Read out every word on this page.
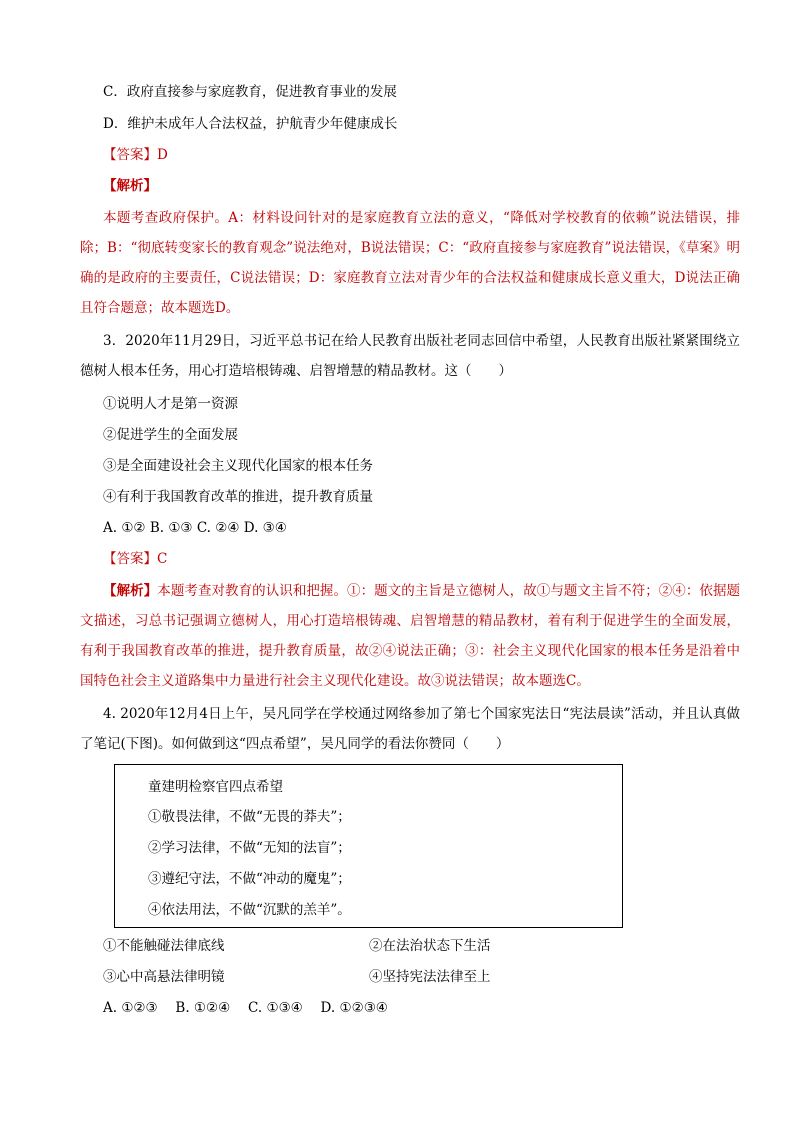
C．政府直接参与家庭教育，促进教育事业的发展
D．维护未成年人合法权益，护航青少年健康成长
【答案】D
【解析】
本题考查政府保护。A：材料设问针对的是家庭教育立法的意义，“降低对学校教育的依赖”说法错误，排除；B：“彻底转变家长的教育观念”说法绝对，B说法错误；C：“政府直接参与家庭教育”说法错误，《草案》明确的是政府的主要责任，C说法错误；D：家庭教育立法对青少年的合法权益和健康成长意义重大，D说法正确且符合题意；故本题选D。
3．2020年11月29日，习近平总书记在给人民教育出版社老同志回信中希望，人民教育出版社紧紧围绕立德树人根本任务，用心打造培根铸魂、启智增慧的精品教材。这（　　）
①说明人才是第一资源
②促进学生的全面发展
③是全面建设社会主义现代化国家的根本任务
④有利于我国教育改革的推进，提升教育质量
A. ①② B. ①③ C. ②④ D. ③④
【答案】C
【解析】本题考查对教育的认识和把握。①：题文的主旨是立德树人，故①与题文主旨不符；②④：依据题文描述，习总书记强调立德树人，用心打造培根铸魂、启智增慧的精品教材，着有利于促进学生的全面发展，有利于我国教育改革的推进，提升教育质量，故②④说法正确；③：社会主义现代化国家的根本任务是沿着中国特色社会主义道路集中力量进行社会主义现代化建设。故③说法错误；故本题选C。
4. 2020年12月4日上午，吴凡同学在学校通过网络参加了第七个国家宪法日“宪法晨读”活动，并且认真做了笔记(下图)。如何做到这“四点希望”，吴凡同学的看法你赞同（　　）
童建明检察官四点希望
①敬畏法律，不做“无畏的莽夫”；
②学习法律，不做“无知的法盲”；
③遵纪守法，不做“冲动的魔鬼”；
④依法用法，不做“沉默的羔羊”。
①不能触碰法律底线	②在法治状态下生活
③心中高悬法律明镜	④坚持宪法法律至上
A. ①②③　 B. ①②④　 C. ①③④　 D. ①②③④
